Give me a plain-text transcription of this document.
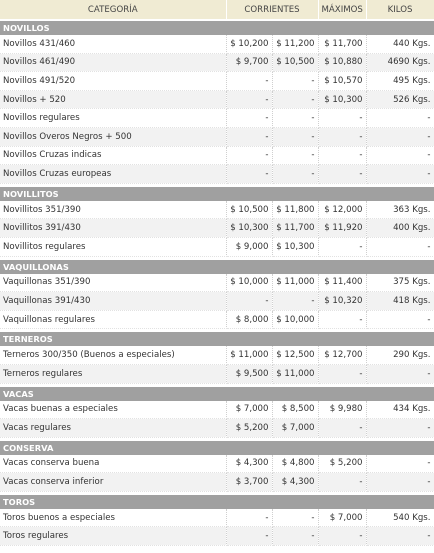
CATEGORÍA	CORRIENTES		MÁXIMOS	KILOS
NOVILLOS				
Novillos 431/460	$ 10,200	$ 11,200	$ 11,700	440 Kgs.
Novillos 461/490	$ 9,700	$ 10,500	$ 10,880	4690 Kgs.
Novillos 491/520	-	-	$ 10,570	495 Kgs.
Novillos + 520	-	-	$ 10,300	526 Kgs.
Novillos regulares	-	-	-	-
Novillos Overos Negros + 500	-	-	-	-
Novillos Cruzas indicas	-	-	-	-
Novillos Cruzas europeas	-	-	-	-

NOVILLITOS				
Novillitos 351/390	$ 10,500	$ 11,800	$ 12,000	363 Kgs.
Novillitos 391/430	$ 10,300	$ 11,700	$ 11,920	400 Kgs.
Novillitos regulares	$ 9,000	$ 10,300	-	-

VAQUILLONAS				
Vaquillonas 351/390	$ 10,000	$ 11,000	$ 11,400	375 Kgs.
Vaquillonas 391/430	-	-	$ 10,320	418 Kgs.
Vaquillonas regulares	$ 8,000	$ 10,000	-	-

TERNEROS				
Terneros 300/350 (Buenos a especiales)	$ 11,000	$ 12,500	$ 12,700	290 Kgs.
Terneros regulares	$ 9,500	$ 11,000	-	-

VACAS				
Vacas buenas a especiales	$ 7,000	$ 8,500	$ 9,980	434 Kgs.
Vacas regulares	$ 5,200	$ 7,000	-	-

CONSERVA				
Vacas conserva buena	$ 4,300	$ 4,800	$ 5,200	-
Vacas conserva inferior	$ 3,700	$ 4,300	-	-

TOROS				
Toros buenos a especiales	-	-	$ 7,000	540 Kgs.
Toros regulares	-	-	-	-
